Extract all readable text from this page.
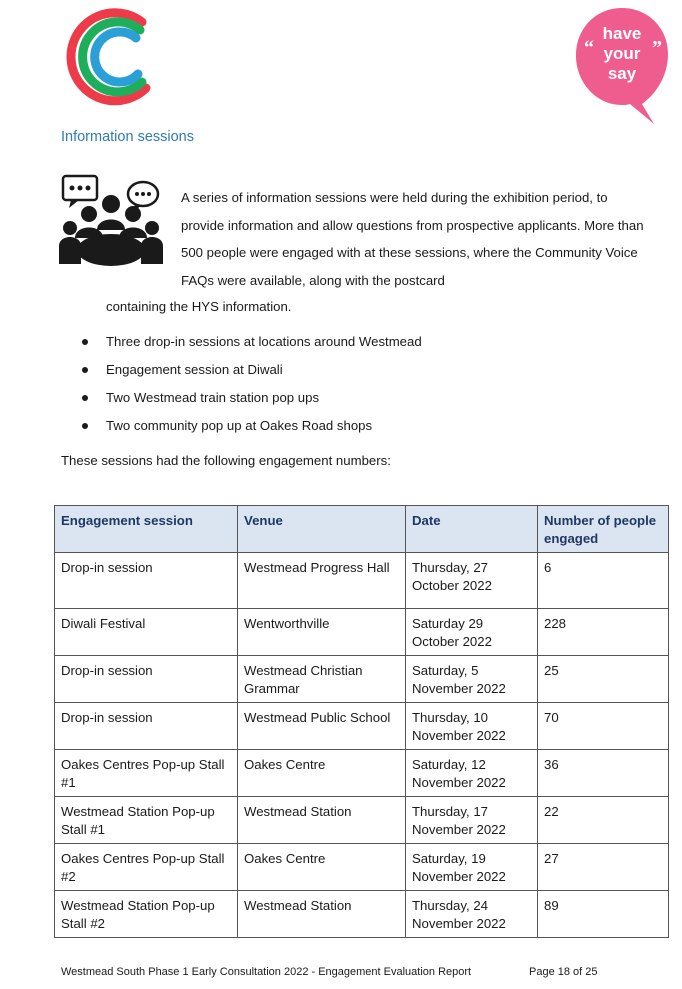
“	”
have
your
say
Information sessions

A series of information sessions were held during the exhibition period, to provide information and allow questions from prospective applicants. More than 500 people were engaged with at these sessions, where the Community Voice FAQs were available, along with the postcard

containing the HYS information.

Three drop-in sessions at locations around Westmead
Engagement session at Diwali
Two Westmead train station pop ups
Two community pop up at Oakes Road shops

These sessions had the following engagement numbers:

Engagement session	Venue	Date	Number of people engaged
Drop-in session	Westmead Progress Hall	Thursday, 27 October 2022	6
Diwali Festival	Wentworthville	Saturday 29 October 2022	228
Drop-in session	Westmead Christian Grammar	Saturday, 5 November 2022	25
Drop-in session	Westmead Public School	Thursday, 10 November 2022	70
Oakes Centres Pop-up Stall #1	Oakes Centre	Saturday, 12 November 2022	36
Westmead Station Pop-up Stall #1	Westmead Station	Thursday, 17 November 2022	22
Oakes Centres Pop-up Stall #2	Oakes Centre	Saturday, 19 November 2022	27
Westmead Station Pop-up Stall #2	Westmead Station	Thursday, 24 November 2022	89
Westmead South Phase 1 Early Consultation 2022 - Engagement Evaluation Report	Page 18 of 25
